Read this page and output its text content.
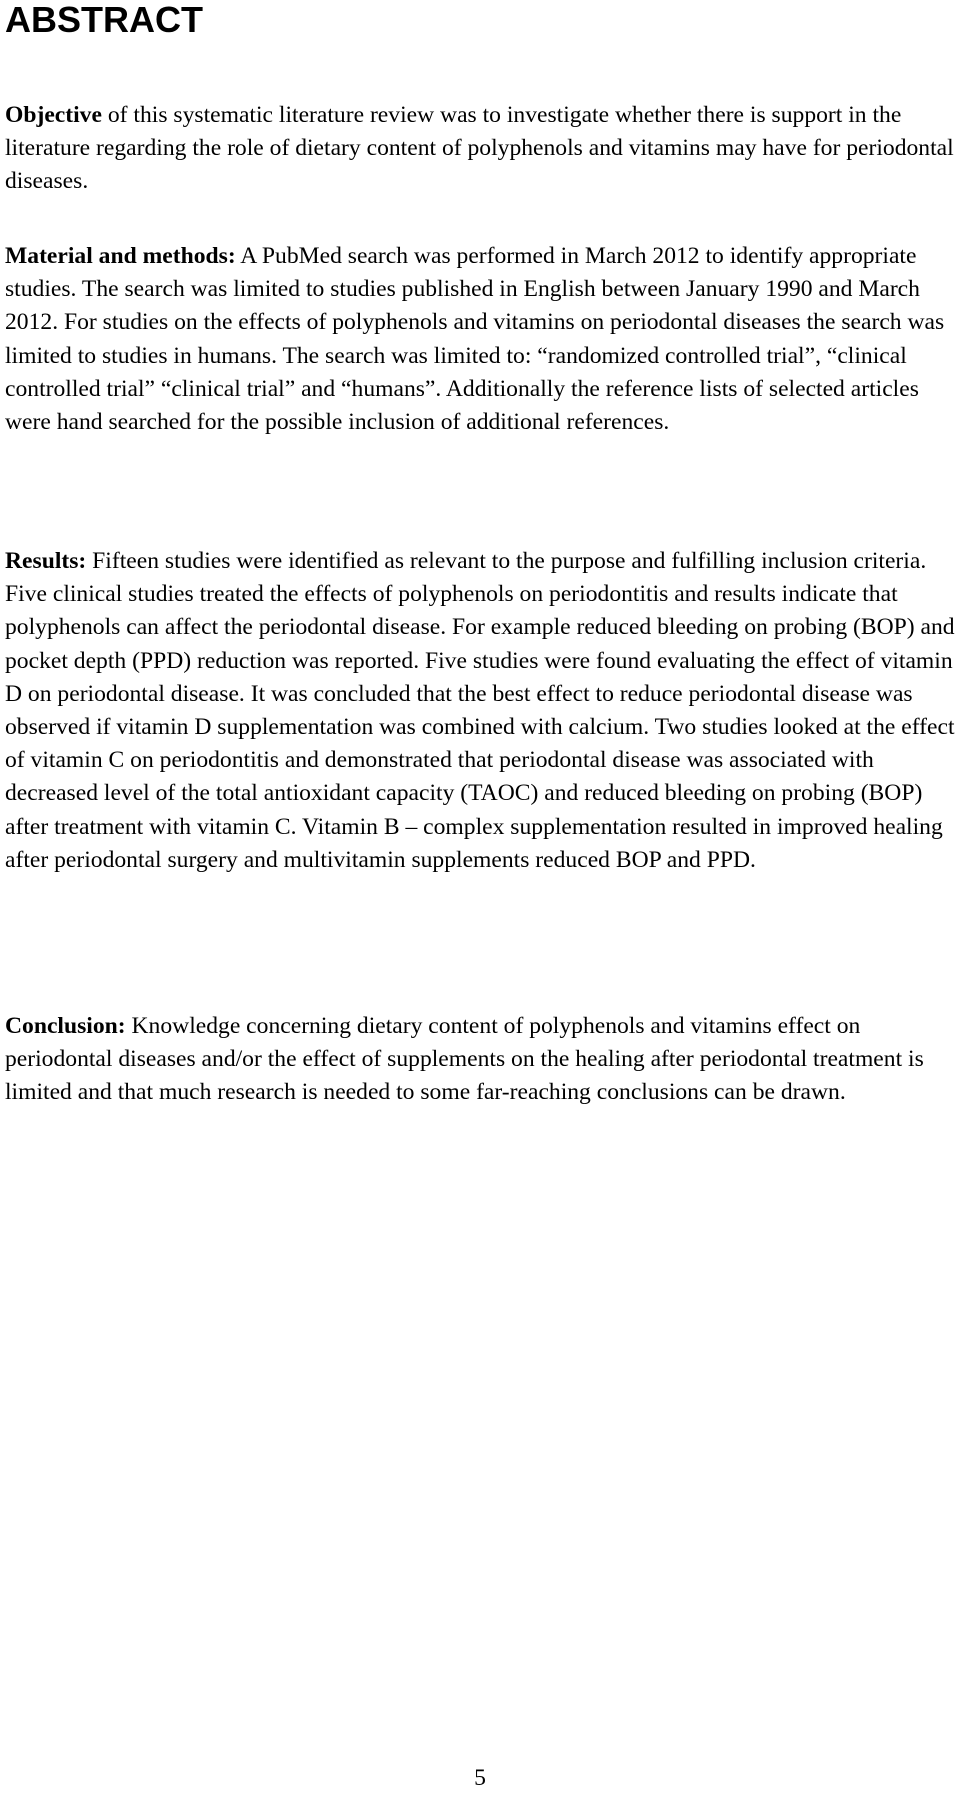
ABSTRACT

Objective of this systematic literature review was to investigate whether there is support in the literature regarding the role of dietary content of polyphenols and vitamins may have for periodontal diseases.

Material and methods: A PubMed search was performed in March 2012 to identify appropriate studies. The search was limited to studies published in English between January 1990 and March 2012. For studies on the effects of polyphenols and vitamins on periodontal diseases the search was limited to studies in humans. The search was limited to: “randomized controlled trial”, “clinical controlled trial” “clinical trial” and “humans”. Additionally the reference lists of selected articles were hand searched for the possible inclusion of additional references.

Results: Fifteen studies were identified as relevant to the purpose and fulfilling inclusion criteria. Five clinical studies treated the effects of polyphenols on periodontitis and results indicate that polyphenols can affect the periodontal disease. For example reduced bleeding on probing (BOP) and pocket depth (PPD) reduction was reported. Five studies were found evaluating the effect of vitamin D on periodontal disease. It was concluded that the best effect to reduce periodontal disease was observed if vitamin D supplementation was combined with calcium. Two studies looked at the effect of vitamin C on periodontitis and demonstrated that periodontal disease was associated with decreased level of the total antioxidant capacity (TAOC) and reduced bleeding on probing (BOP) after treatment with vitamin C. Vitamin B – complex supplementation resulted in improved healing after periodontal surgery and multivitamin supplements reduced BOP and PPD.

Conclusion: Knowledge concerning dietary content of polyphenols and vitamins effect on periodontal diseases and/or the effect of supplements on the healing after periodontal treatment is limited and that much research is needed to some far-reaching conclusions can be drawn.

5
